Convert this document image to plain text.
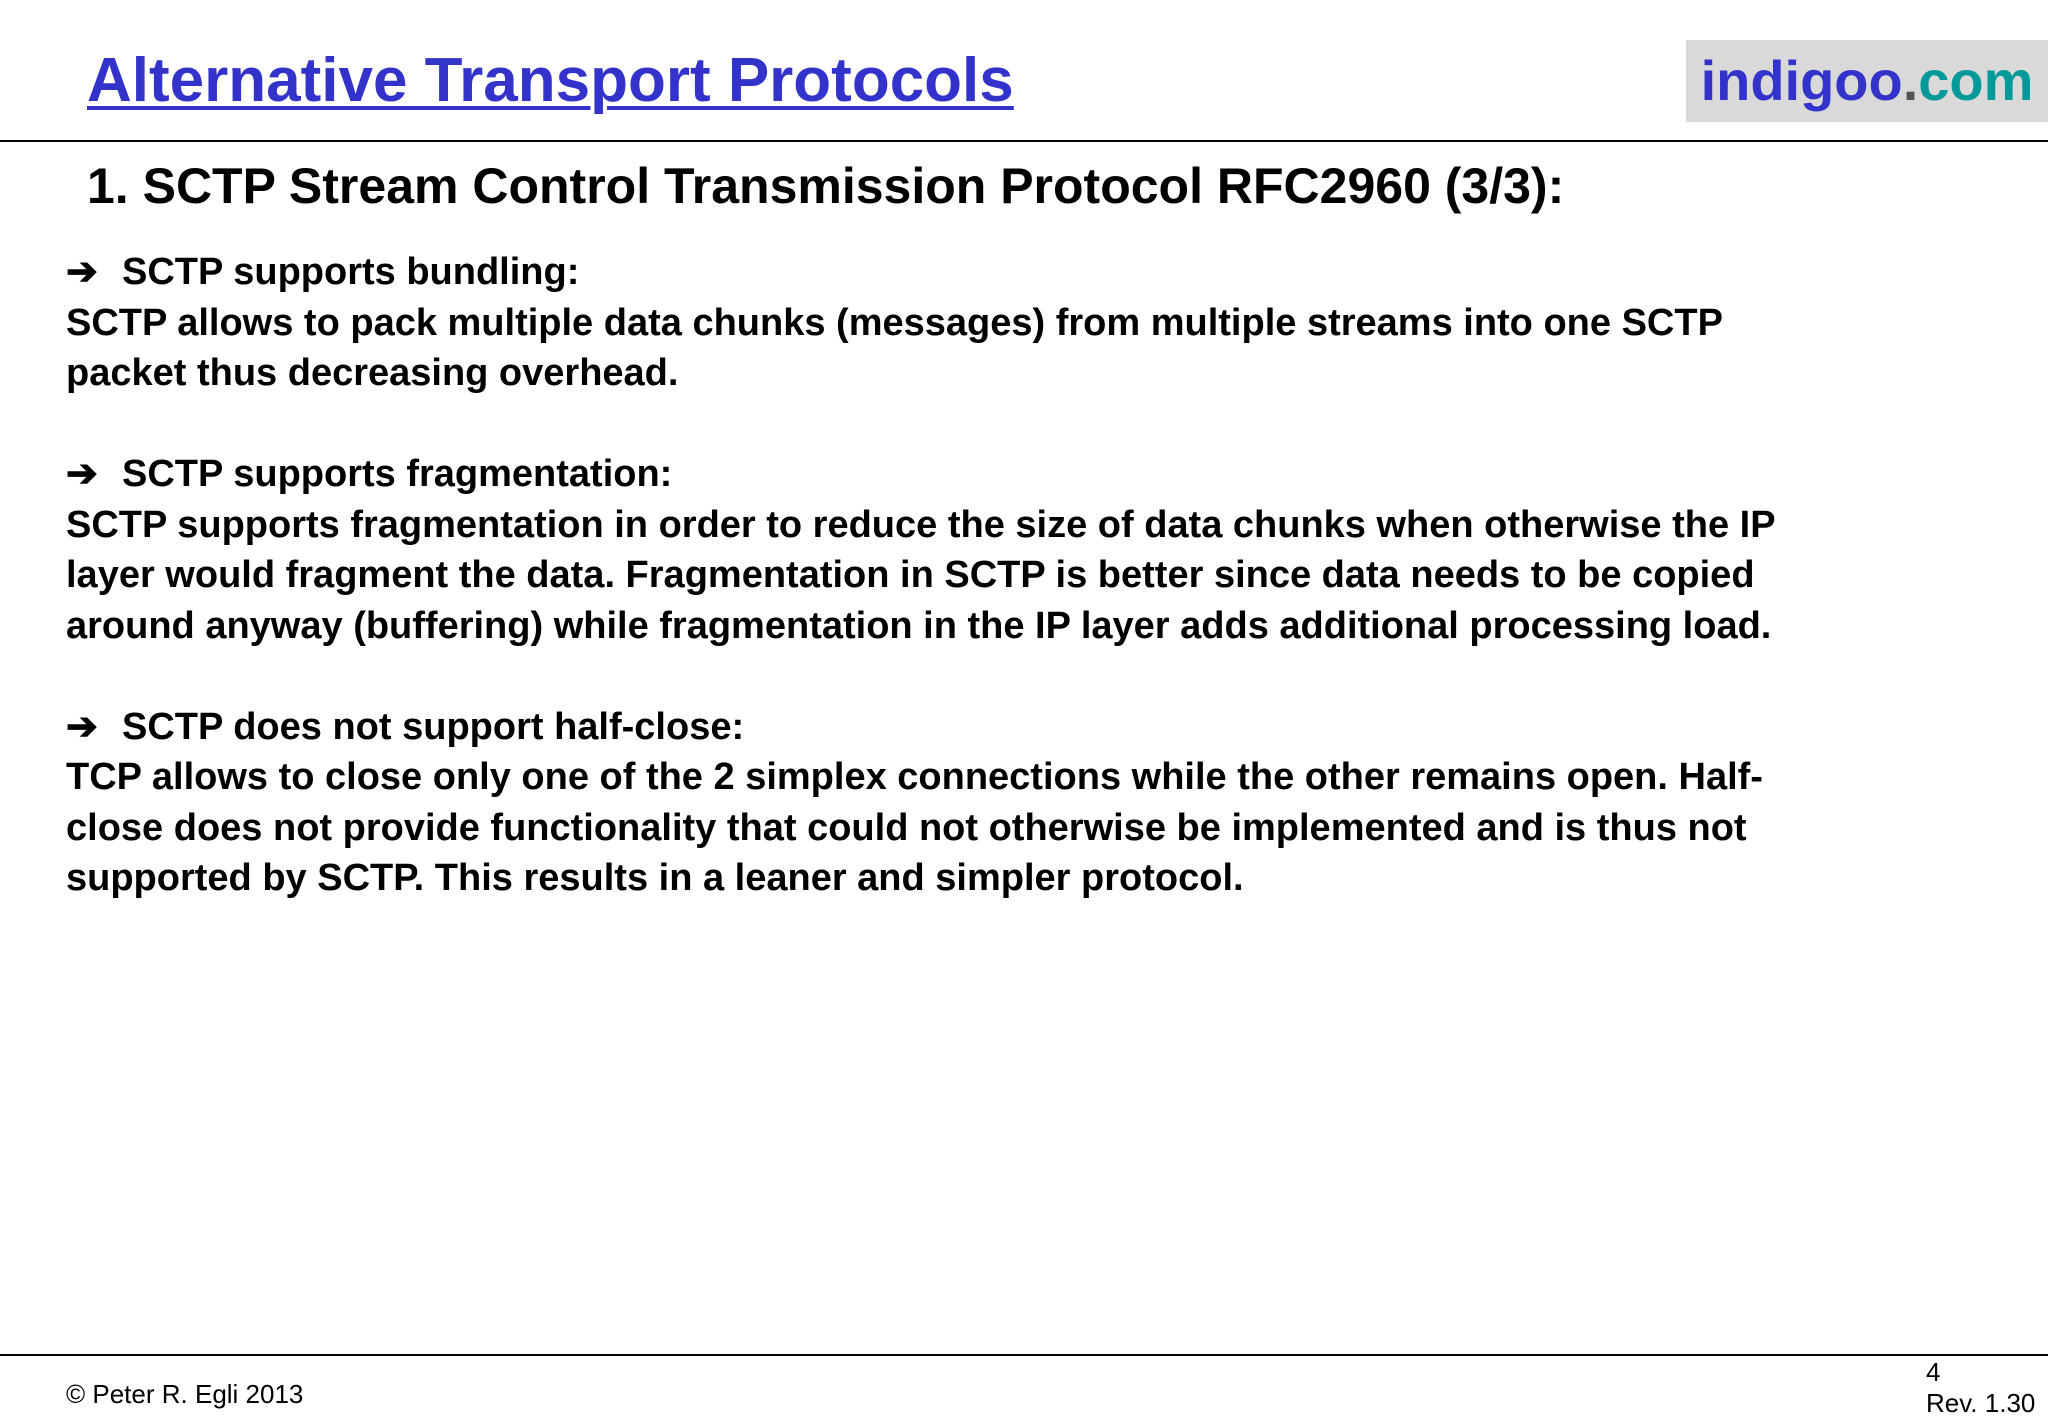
Alternative Transport Protocols	indigoo.com
1. SCTP Stream Control Transmission Protocol RFC2960 (3/3):
➔ SCTP supports bundling:
SCTP allows to pack multiple data chunks (messages) from multiple streams into one SCTP
packet thus decreasing overhead.
➔ SCTP supports fragmentation:
SCTP supports fragmentation in order to reduce the size of data chunks when otherwise the IP
layer would fragment the data. Fragmentation in SCTP is better since data needs to be copied
around anyway (buffering) while fragmentation in the IP layer adds additional processing load.
➔ SCTP does not support half-close:
TCP allows to close only one of the 2 simplex connections while the other remains open. Half-
close does not provide functionality that could not otherwise be implemented and is thus not
supported by SCTP. This results in a leaner and simpler protocol.
© Peter R. Egli 2013
4
Rev. 1.30
